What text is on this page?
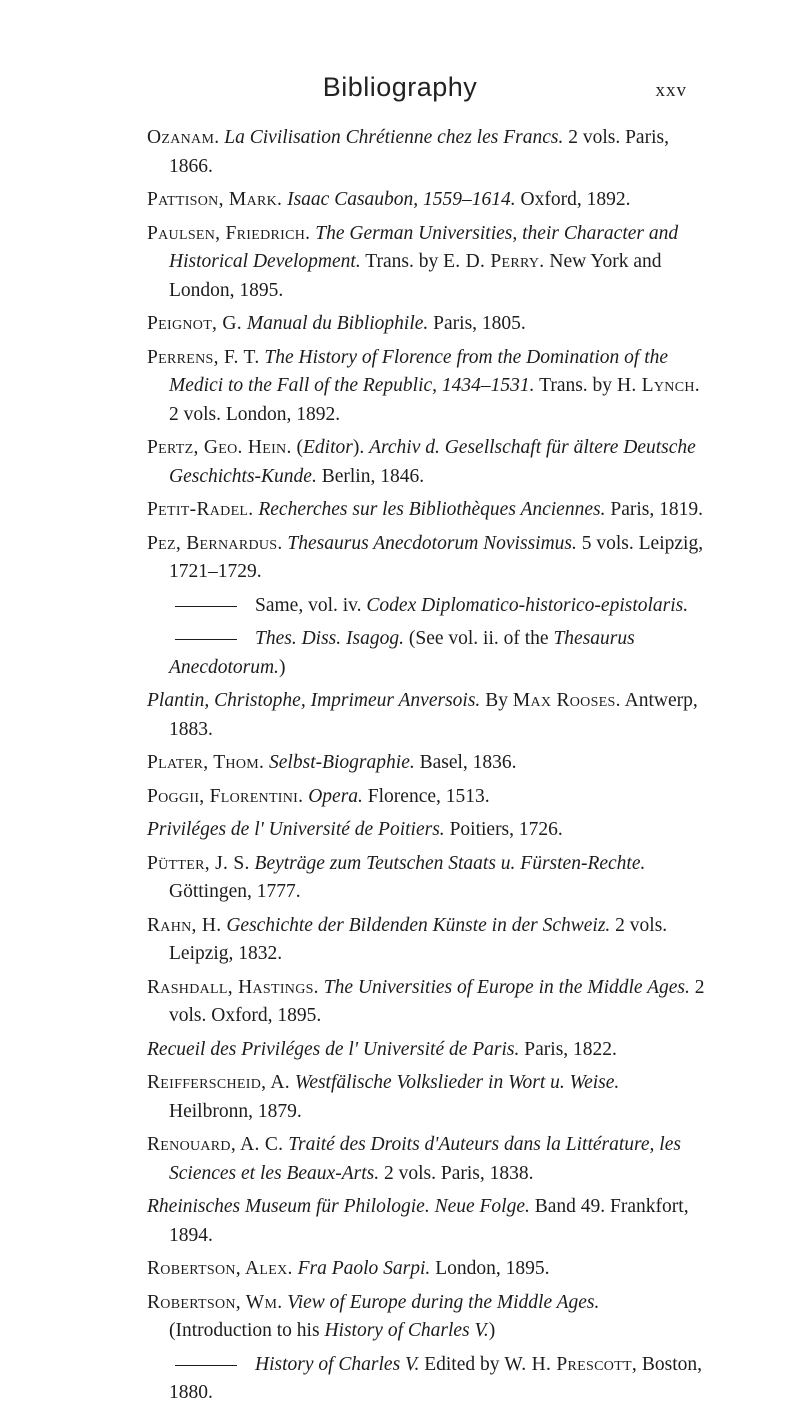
Bibliography	xxv
Ozanam. La Civilisation Chrétienne chez les Francs. 2 vols. Paris, 1866.
Pattison, Mark. Isaac Casaubon, 1559–1614. Oxford, 1892.
Paulsen, Friedrich. The German Universities, their Character and Historical Development. Trans. by E. D. Perry. New York and London, 1895.
Peignot, G. Manual du Bibliophile. Paris, 1805.
Perrens, F. T. The History of Florence from the Domination of the Medici to the Fall of the Republic, 1434–1531. Trans. by H. Lynch. 2 vols. London, 1892.
Pertz, Geo. Hein. (Editor). Archiv d. Gesellschaft für ältere Deutsche Geschichts-Kunde. Berlin, 1846.
Petit-Radel. Recherches sur les Bibliothèques Anciennes. Paris, 1819.
Pez, Bernardus. Thesaurus Anecdotorum Novissimus. 5 vols. Leipzig, 1721–1729.
Same, vol. iv. Codex Diplomatico-historico-epistolaris.
Thes. Diss. Isagog. (See vol. ii. of the Thesaurus Anecdotorum.)
Plantin, Christophe, Imprimeur Anversois. By Max Rooses. Antwerp, 1883.
Plater, Thom. Selbst-Biographie. Basel, 1836.
Poggii, Florentini. Opera. Florence, 1513.
Priviléges de l' Université de Poitiers. Poitiers, 1726.
Pütter, J. S. Beyträge zum Teutschen Staats u. Fürsten-Rechte. Göttingen, 1777.
Rahn, H. Geschichte der Bildenden Künste in der Schweiz. 2 vols. Leipzig, 1832.
Rashdall, Hastings. The Universities of Europe in the Middle Ages. 2 vols. Oxford, 1895.
Recueil des Priviléges de l' Université de Paris. Paris, 1822.
Reifferscheid, A. Westfälische Volkslieder in Wort u. Weise. Heilbronn, 1879.
Renouard, A. C. Traité des Droits d'Auteurs dans la Littérature, les Sciences et les Beaux-Arts. 2 vols. Paris, 1838.
Rheinisches Museum für Philologie. Neue Folge. Band 49. Frankfort, 1894.
Robertson, Alex. Fra Paolo Sarpi. London, 1895.
Robertson, Wm. View of Europe during the Middle Ages. (Introduction to his History of Charles V.)
History of Charles V. Edited by W. H. Prescott, Boston, 1880.
